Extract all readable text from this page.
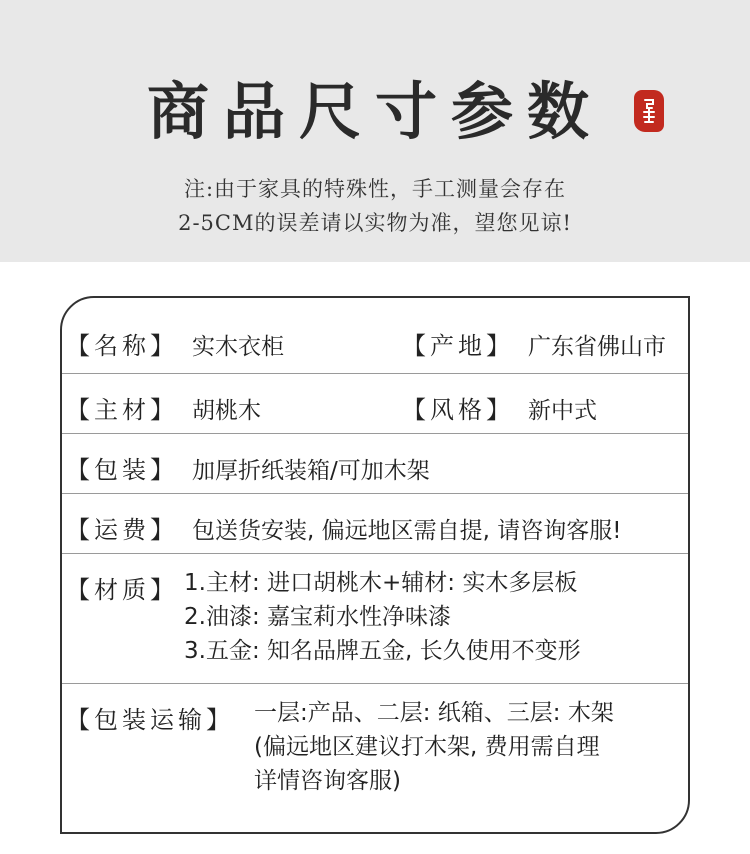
商品尺寸参数
注:由于家具的特殊性，手工测量会存在
2-5CM的误差请以实物为准，望您见谅!
【名称】 实木衣柜	【产地】 广东省佛山市
【主材】 胡桃木	【风格】 新中式
【包装】 加厚折纸装箱/可加木架
【运费】 包送货安装, 偏远地区需自提, 请咨询客服!
【材质】 1.主材: 进口胡桃木+辅材: 实木多层板
2.油漆: 嘉宝莉水性净味漆
3.五金: 知名品牌五金, 长久使用不变形
【包装运输】 一层:产品、二层: 纸箱、三层: 木架
(偏远地区建议打木架, 费用需自理
详情咨询客服)
